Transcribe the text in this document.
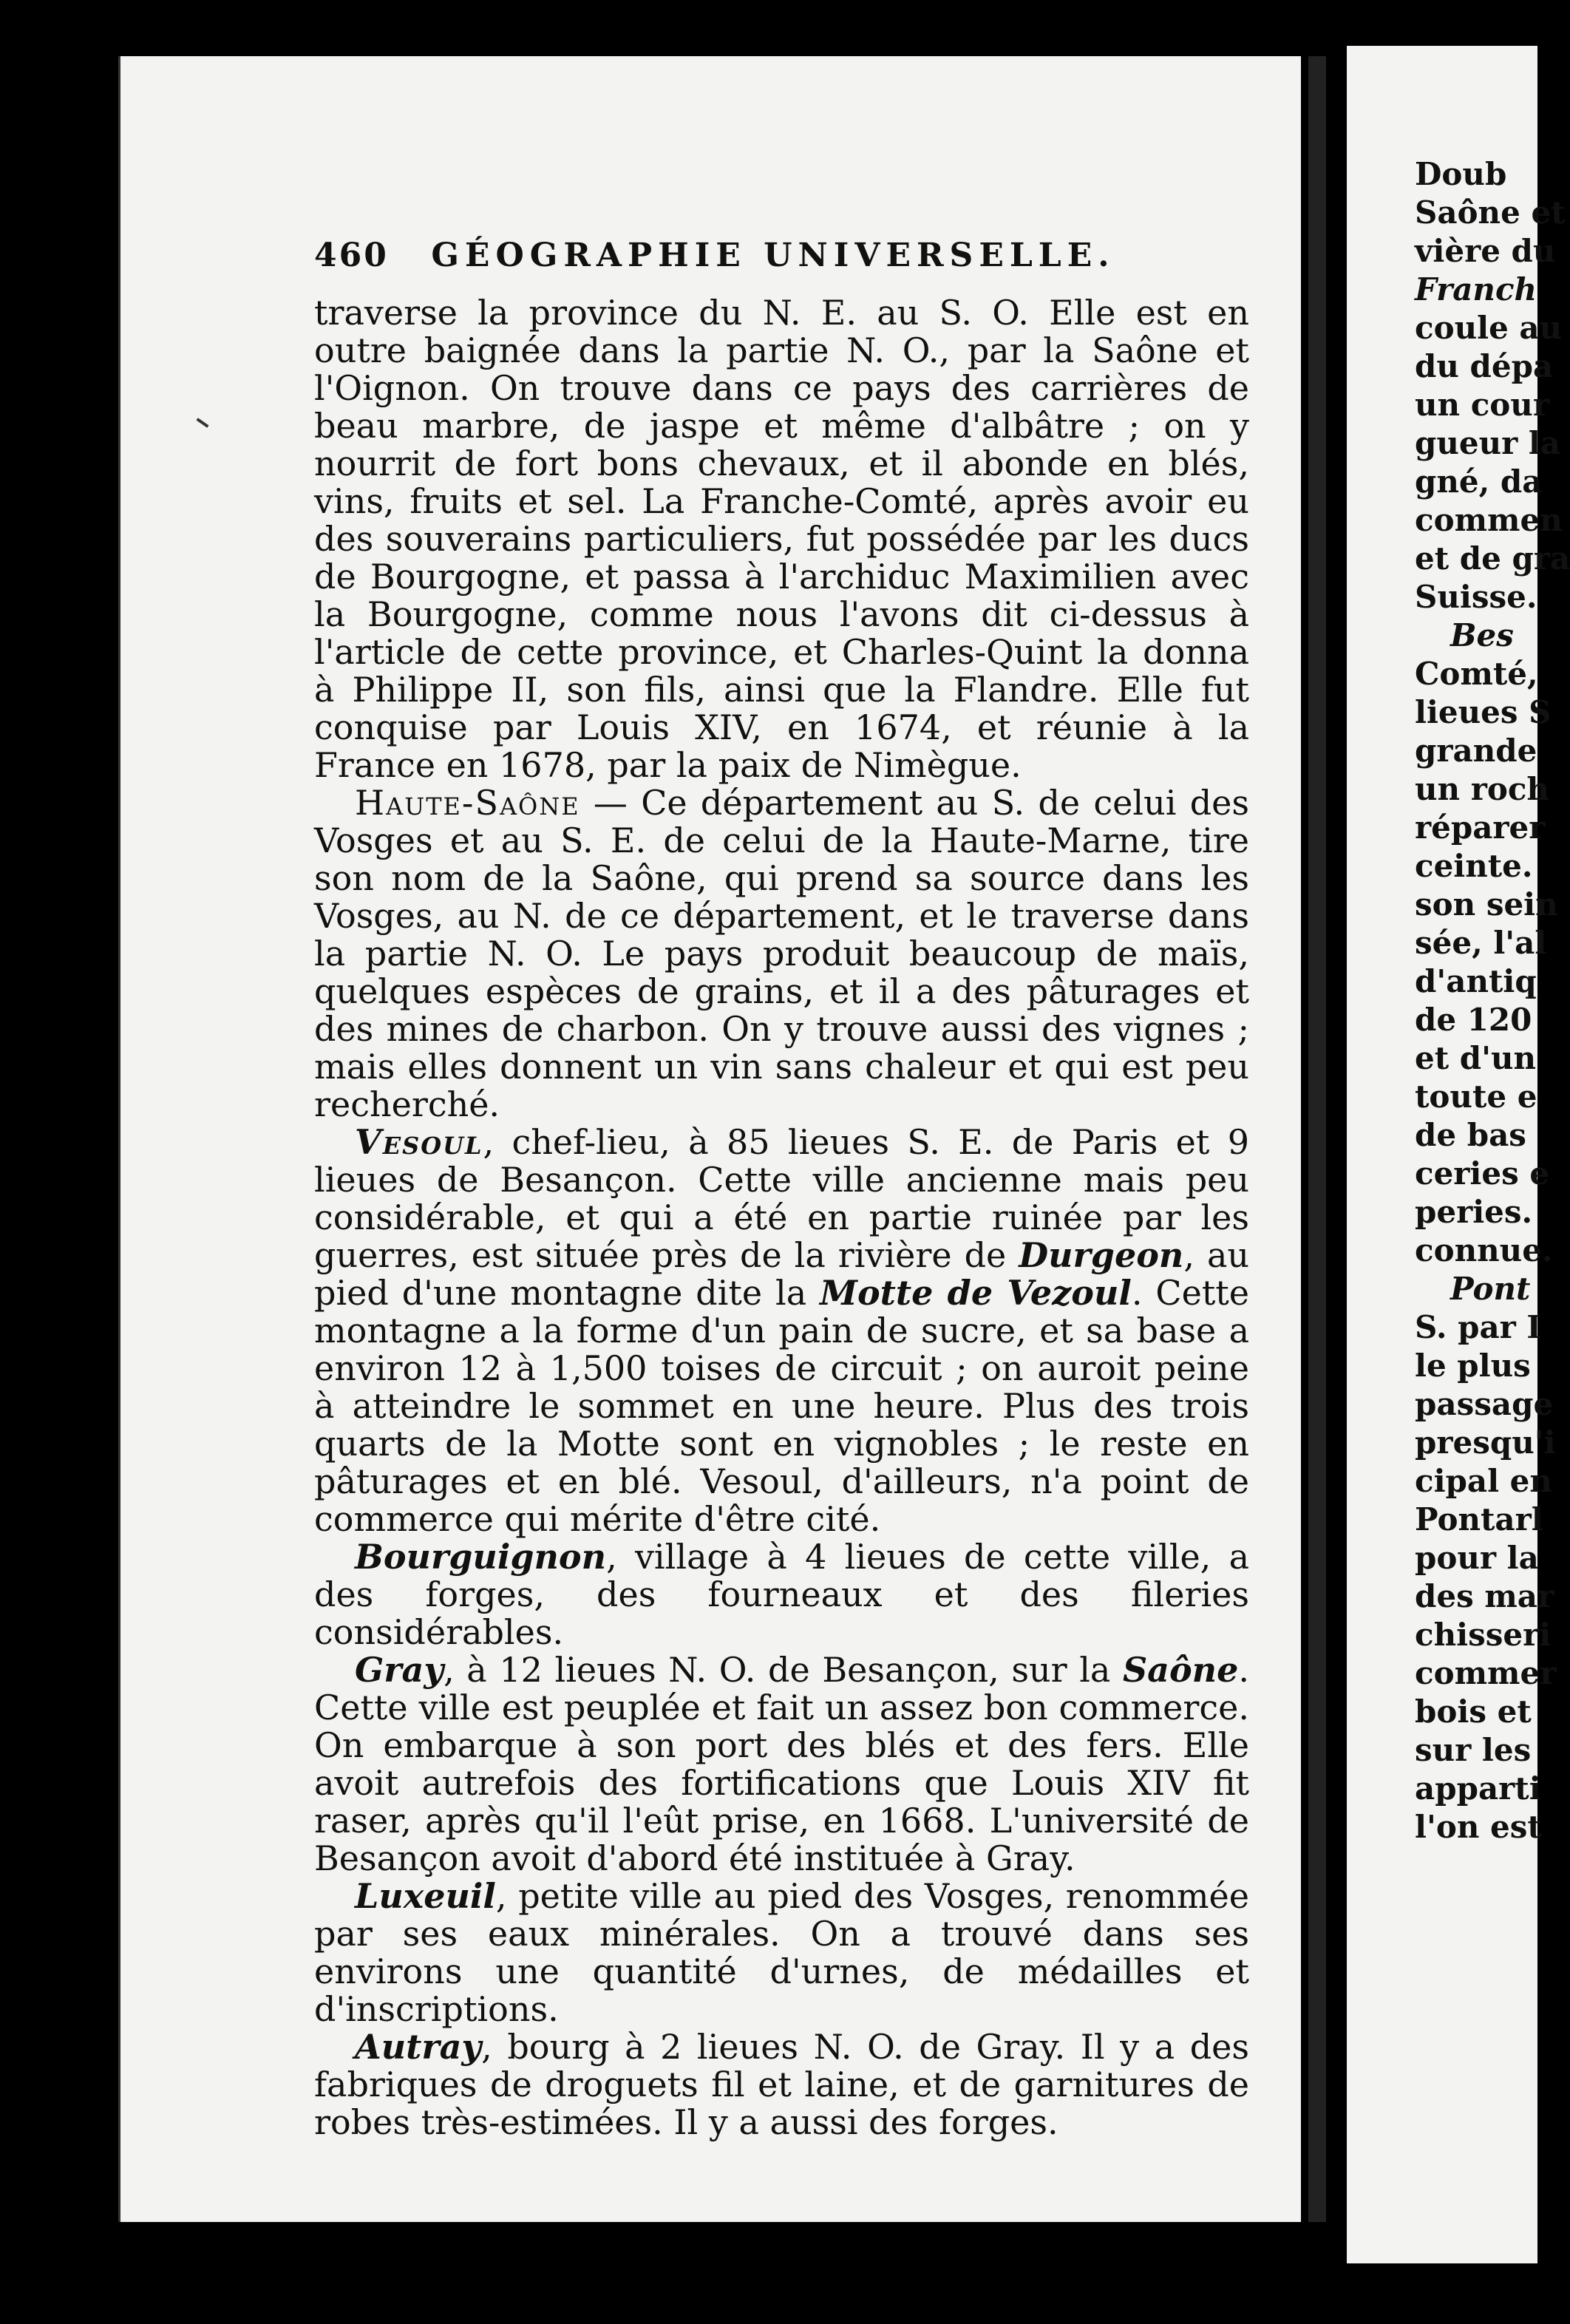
Doub
Saône et
vière du
Franch
coule au
du dépa
un cour
gueur la
gné, da
commen
et de gra
Suisse.
Bes
Comté,
lieues S
grande
un roch
réparer
ceinte.
son sein
sée, l'al
d'antiq
de 120
et d'un
toute e
de bas
ceries e
peries.
connue.
Pont
S. par I
le plus
passage
presqu'i
cipal en
Pontarl
pour la
des mar
chisseri
commer
bois et
sur les
apparti
l'on est
460 GÉOGRAPHIE UNIVERSELLE.

traverse la province du N. E. au S. O. Elle est en outre baignée dans la partie N. O., par la Saône et l'Oignon. On trouve dans ce pays des carrières de beau marbre, de jaspe et même d'albâtre ; on y nourrit de fort bons chevaux, et il abonde en blés, vins, fruits et sel. La Franche-Comté, après avoir eu des souverains particuliers, fut possédée par les ducs de Bourgogne, et passa à l'archiduc Maximilien avec la Bourgogne, comme nous l'avons dit ci-dessus à l'article de cette province, et Charles-Quint la donna à Philippe II, son fils, ainsi que la Flandre. Elle fut conquise par Louis XIV, en 1674, et réunie à la France en 1678, par la paix de Nimègue.

Haute-Saône — Ce département au S. de celui des Vosges et au S. E. de celui de la Haute-Marne, tire son nom de la Saône, qui prend sa source dans les Vosges, au N. de ce département, et le traverse dans la partie N. O. Le pays produit beaucoup de maïs, quelques espèces de grains, et il a des pâturages et des mines de charbon. On y trouve aussi des vignes ; mais elles donnent un vin sans chaleur et qui est peu recherché.

Vesoul, chef-lieu, à 85 lieues S. E. de Paris et 9 lieues de Besançon. Cette ville ancienne mais peu considérable, et qui a été en partie ruinée par les guerres, est située près de la rivière de Durgeon, au pied d'une montagne dite la Motte de Vezoul. Cette montagne a la forme d'un pain de sucre, et sa base a environ 12 à 1,500 toises de circuit ; on auroit peine à atteindre le sommet en une heure. Plus des trois quarts de la Motte sont en vignobles ; le reste en pâturages et en blé. Vesoul, d'ailleurs, n'a point de commerce qui mérite d'être cité.

Bourguignon, village à 4 lieues de cette ville, a des forges, des fourneaux et des fileries considérables.

Gray, à 12 lieues N. O. de Besançon, sur la Saône. Cette ville est peuplée et fait un assez bon commerce. On embarque à son port des blés et des fers. Elle avoit autrefois des fortifications que Louis XIV fit raser, après qu'il l'eût prise, en 1668. L'université de Besançon avoit d'abord été instituée à Gray.

Luxeuil, petite ville au pied des Vosges, renommée par ses eaux minérales. On a trouvé dans ses environs une quantité d'urnes, de médailles et d'inscriptions.

Autray, bourg à 2 lieues N. O. de Gray. Il y a des fabriques de droguets fil et laine, et de garnitures de robes très-estimées. Il y a aussi des forges.
